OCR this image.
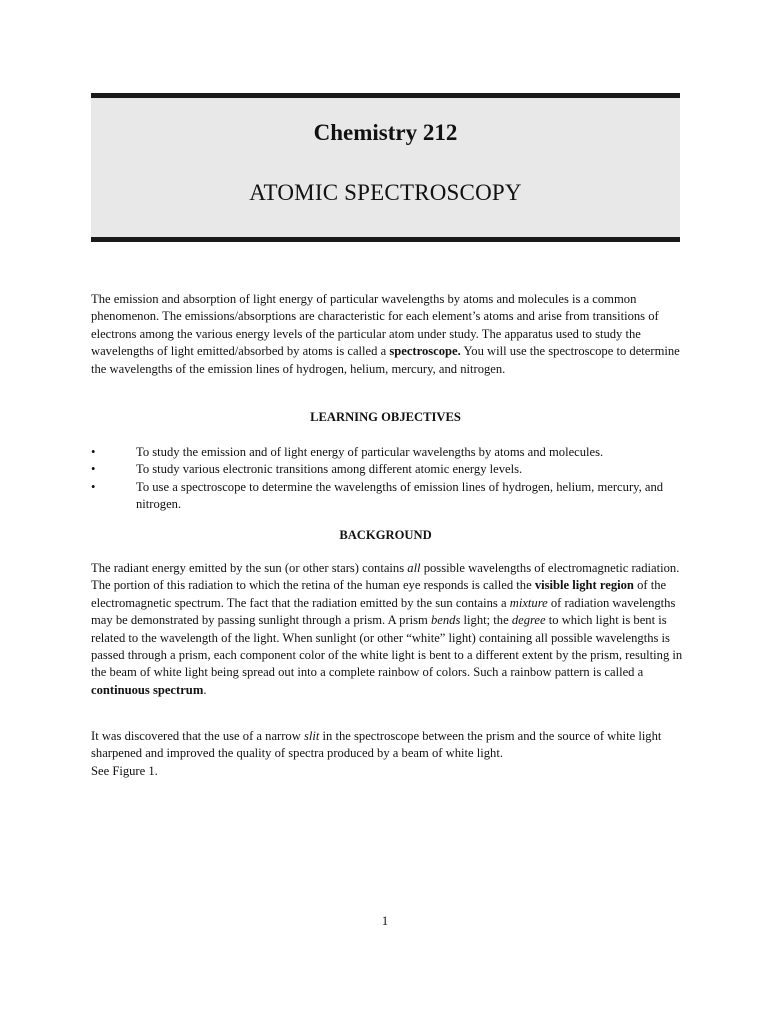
Chemistry 212
ATOMIC SPECTROSCOPY

The emission and absorption of light energy of particular wavelengths by atoms and molecules is a common phenomenon. The emissions/absorptions are characteristic for each element’s atoms and arise from transitions of electrons among the various energy levels of the particular atom under study. The apparatus used to study the wavelengths of light emitted/absorbed by atoms is called a spectroscope. You will use the spectroscope to determine the wavelengths of the emission lines of hydrogen, helium, mercury, and nitrogen.

LEARNING OBJECTIVES

•	To study the emission and of light energy of particular wavelengths by atoms and molecules.
•	To study various electronic transitions among different atomic energy levels.
•	To use a spectroscope to determine the wavelengths of emission lines of hydrogen, helium, mercury, and nitrogen.

BACKGROUND

The radiant energy emitted by the sun (or other stars) contains all possible wavelengths of electromagnetic radiation. The portion of this radiation to which the retina of the human eye responds is called the visible light region of the electromagnetic spectrum. The fact that the radiation emitted by the sun contains a mixture of radiation wavelengths may be demonstrated by passing sunlight through a prism. A prism bends light; the degree to which light is bent is related to the wavelength of the light. When sunlight (or other “white” light) containing all possible wavelengths is passed through a prism, each component color of the white light is bent to a different extent by the prism, resulting in the beam of white light being spread out into a complete rainbow of colors. Such a rainbow pattern is called a continuous spectrum.

It was discovered that the use of a narrow slit in the spectroscope between the prism and the source of white light sharpened and improved the quality of spectra produced by a beam of white light.
See Figure 1.

1
